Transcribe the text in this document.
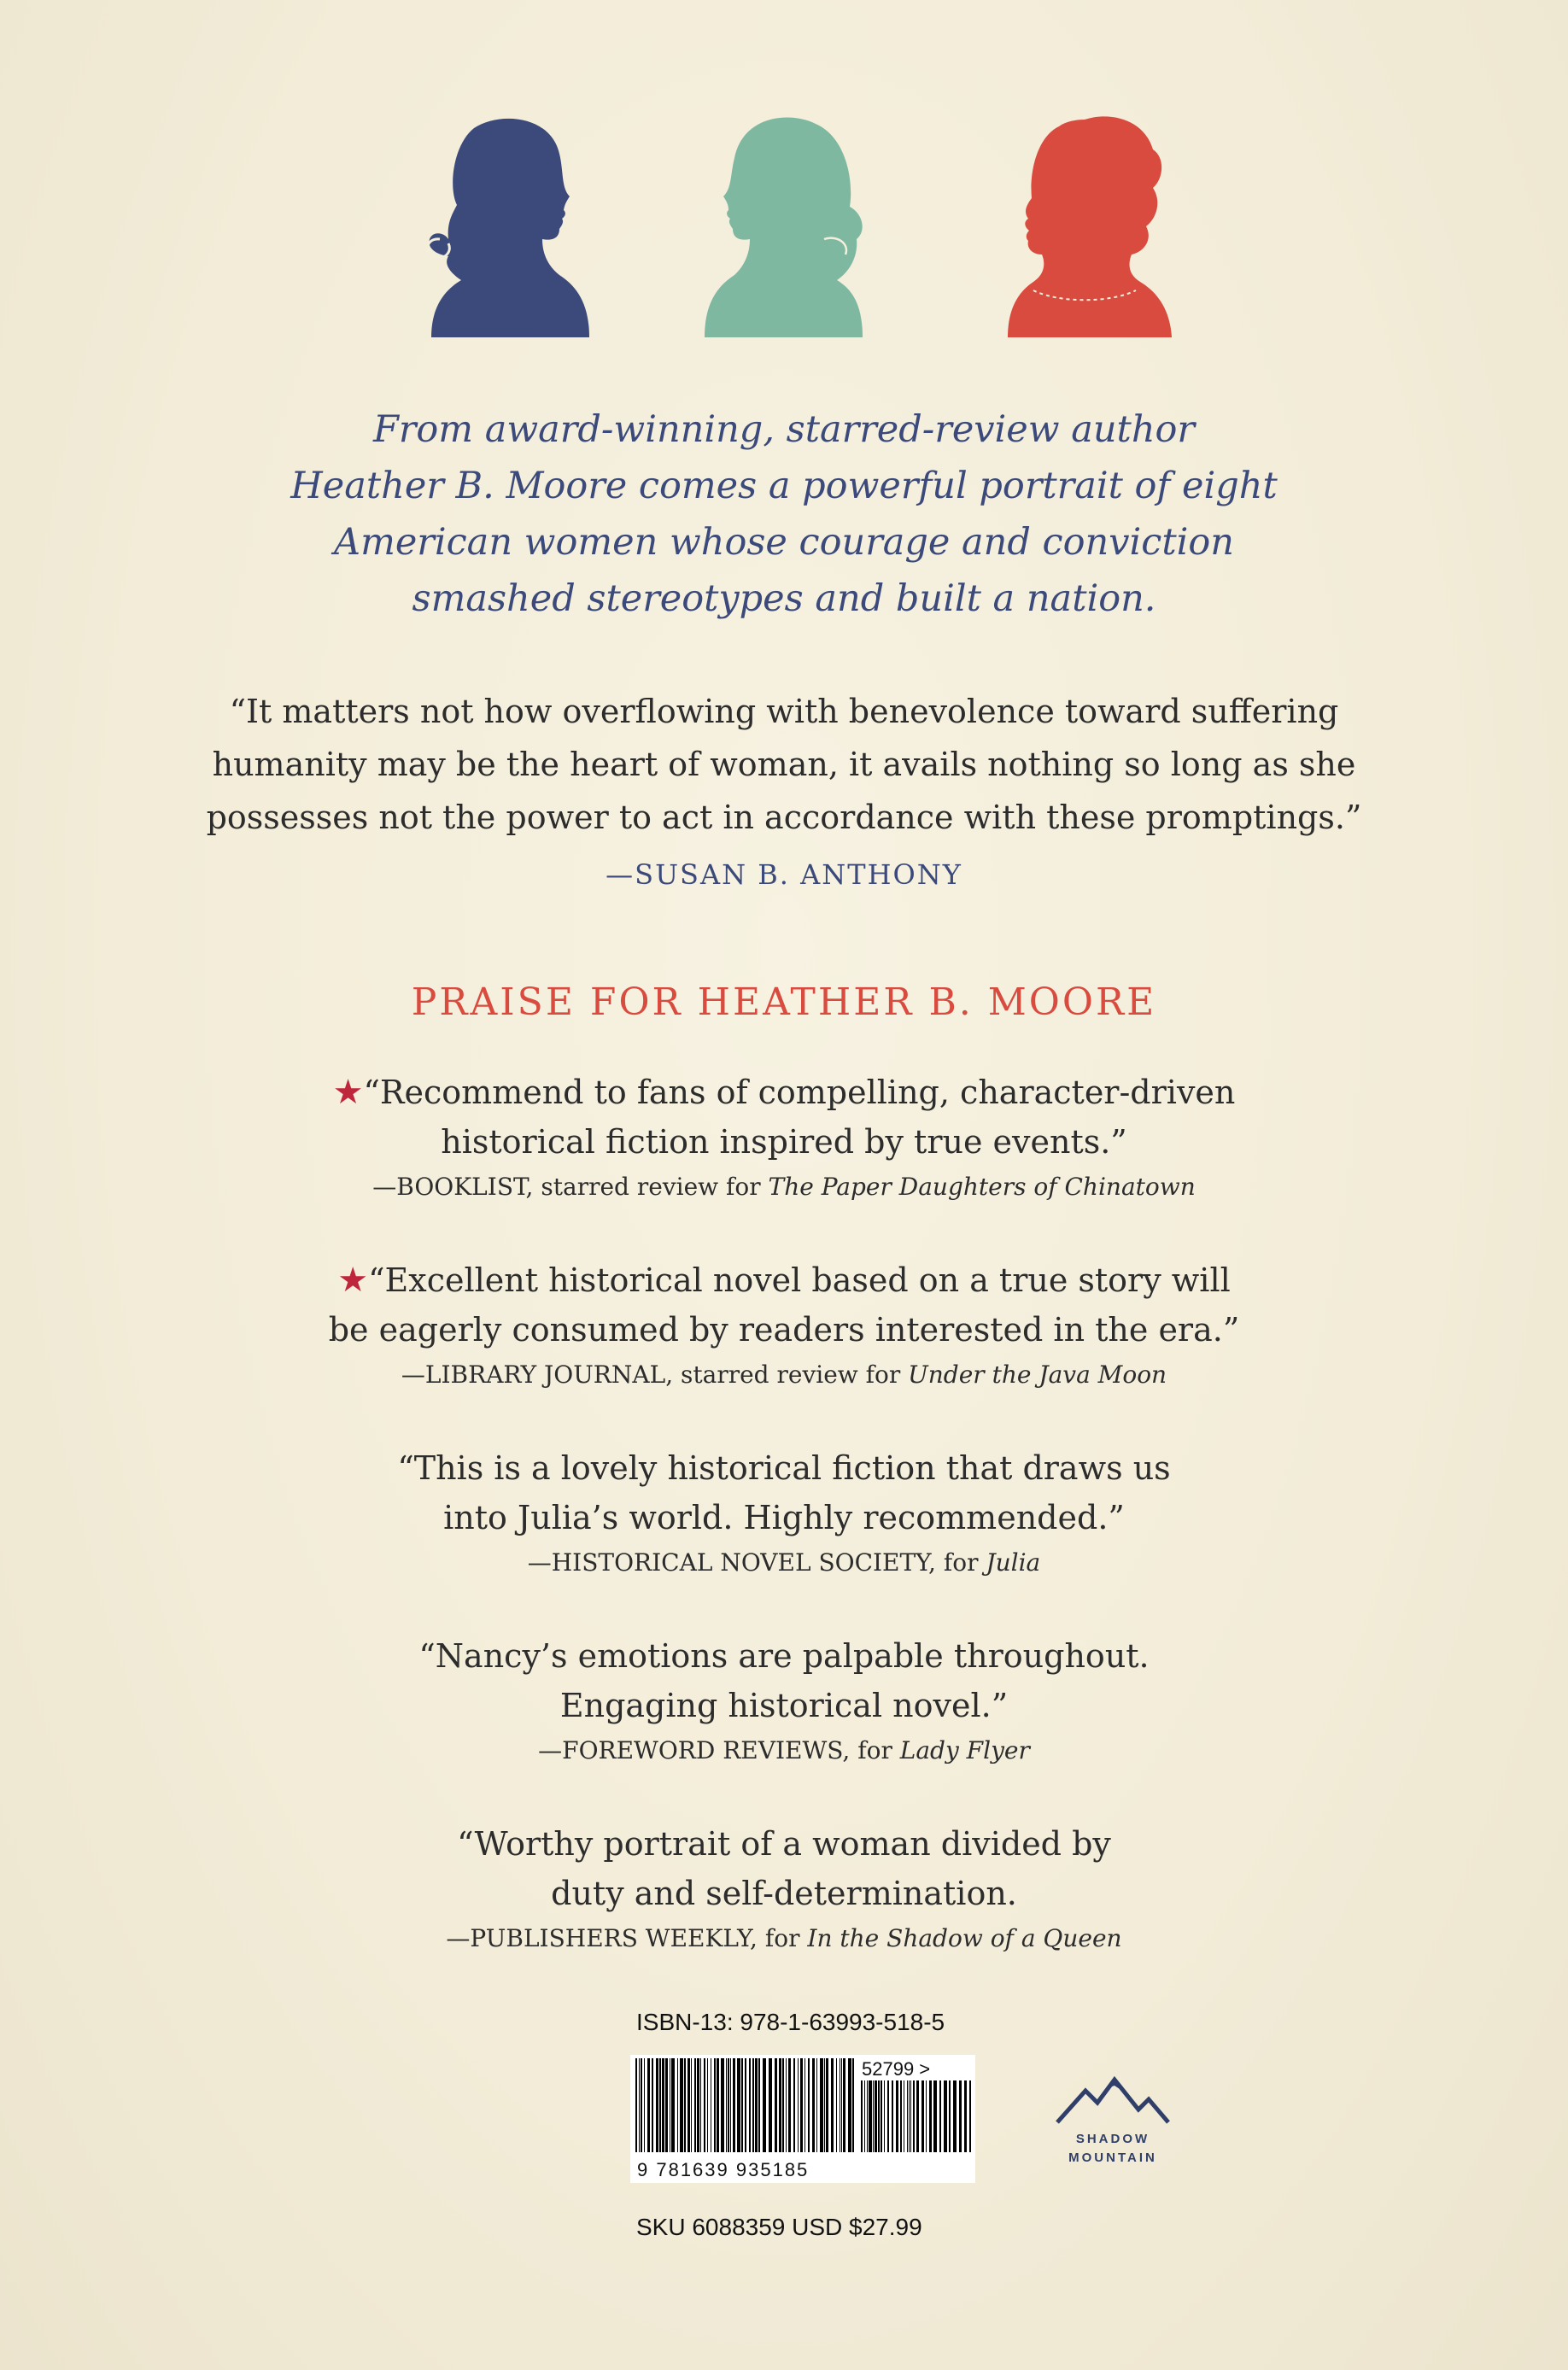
From award-winning, starred-review author
Heather B. Moore comes a powerful portrait of eight
American women whose courage and conviction
smashed stereotypes and built a nation.
“It matters not how overflowing with benevolence toward suffering
humanity may be the heart of woman, it avails nothing so long as she
possesses not the power to act in accordance with these promptings.”
—SUSAN B. ANTHONY
PRAISE FOR HEATHER B. MOORE
★“Recommend to fans of compelling, character-driven
historical fiction inspired by true events.”
—BOOKLIST, starred review for The Paper Daughters of Chinatown
★“Excellent historical novel based on a true story will
be eagerly consumed by readers interested in the era.”
—LIBRARY JOURNAL, starred review for Under the Java Moon
“This is a lovely historical fiction that draws us
into Julia’s world. Highly recommended.”
—HISTORICAL NOVEL SOCIETY, for Julia
“Nancy’s emotions are palpable throughout.
Engaging historical novel.”
—FOREWORD REVIEWS, for Lady Flyer
“Worthy portrait of a woman divided by
duty and self-determination.
—PUBLISHERS WEEKLY, for In the Shadow of a Queen
ISBN-13: 978-1-63993-518-5
52799 >
9 781639 935185
SKU 6088359 USD $27.99
SHADOW
MOUNTAIN
